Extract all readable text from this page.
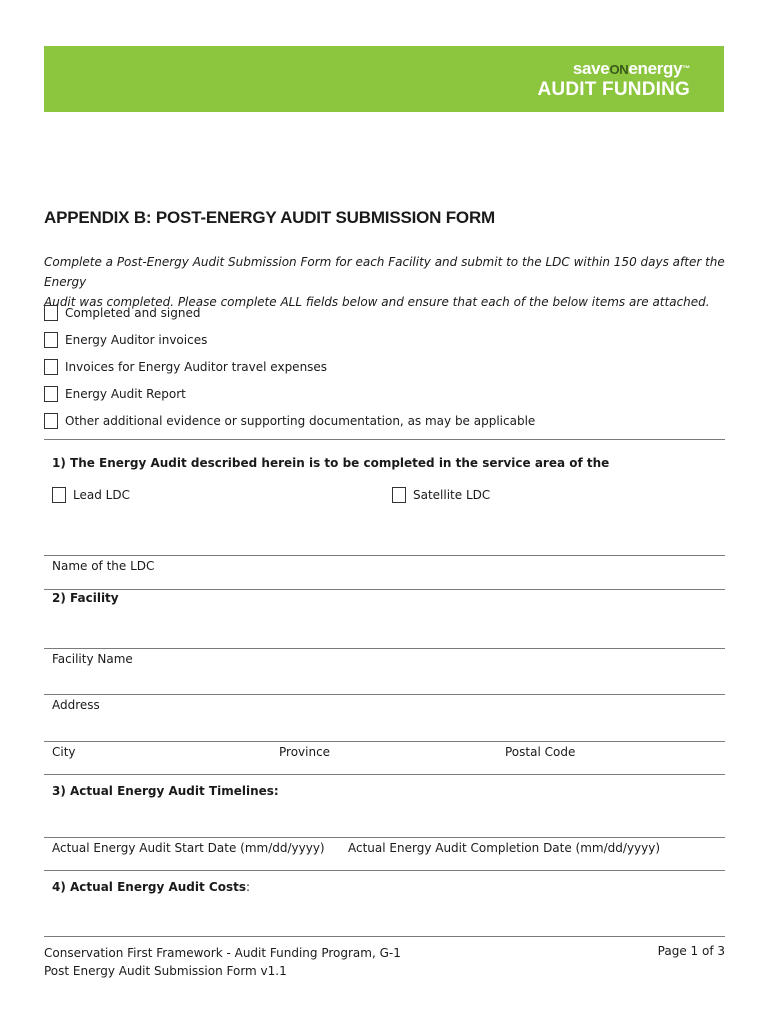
saveONenergy™
AUDIT FUNDING
APPENDIX B: POST-ENERGY AUDIT SUBMISSION FORM
Complete a Post-Energy Audit Submission Form for each Facility and submit to the LDC within 150 days after the Energy
Audit was completed. Please complete ALL fields below and ensure that each of the below items are attached.
Completed and signed
Energy Auditor invoices
Invoices for Energy Auditor travel expenses
Energy Audit Report
Other additional evidence or supporting documentation, as may be applicable
1) The Energy Audit described herein is to be completed in the service area of the
Lead LDC	Satellite LDC
Name of the LDC
2) Facility
Facility Name
Address
City	Province	Postal Code
3) Actual Energy Audit Timelines:
Actual Energy Audit Start Date (mm/dd/yyyy) Actual Energy Audit Completion Date (mm/dd/yyyy)
4) Actual Energy Audit Costs:
Conservation First Framework - Audit Funding Program, G-1
Post Energy Audit Submission Form v1.1
Page 1 of 3
